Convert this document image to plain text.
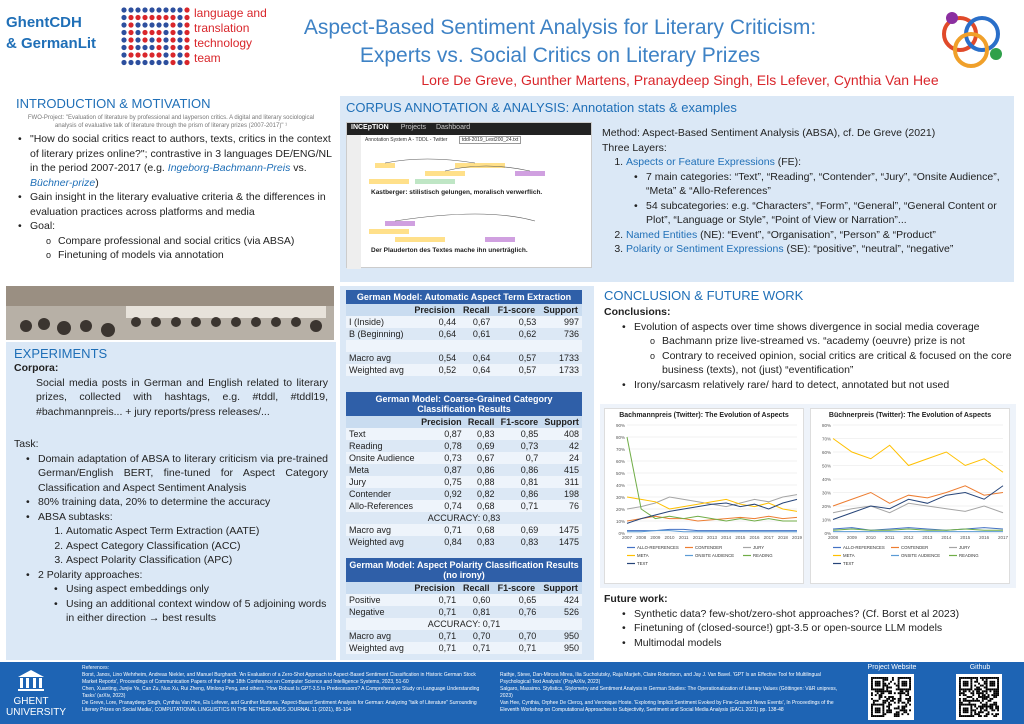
GhentCDH
& GermanLit
language and
translation
technology
team
Aspect-Based Sentiment Analysis for Literary Criticism:
Experts vs. Social Critics on Literary Prizes
Lore De Greve, Gunther Martens, Pranaydeep Singh, Els Lefever, Cynthia Van Hee
INTRODUCTION & MOTIVATION
FWO-Project: "Evaluation of literature by professional and layperson critics. A digital and literary sociological analysis of evaluative talk of literature through the prism of literary prizes (2007-2017)" ¹
• "How do social critics react to authors, texts, critics in the context of literary prizes online?"; contrastive in 3 languages DE/ENG/NL in the period 2007-2017 (e.g. Ingeborg-Bachmann-Preis vs. Büchner-prize)
• Gain insight in the literary evaluative criteria & the differences in evaluation practices across platforms and media
• Goal:
o Compare professional and social critics (via ABSA)
o Finetuning of models via annotation
EXPERIMENTS
Corpora:
Social media posts in German and English related to literary prizes, collected with hashtags, e.g. #tddl, #tddl19, #bachmannpreis... + jury reports/press releases/...
Task:
• Domain adaptation of ABSA to literary criticism via pre-trained German/English BERT, fine-tuned for Aspect Category Classification and Aspect Sentiment Analysis
• 80% training data, 20% to determine the accuracy
• ABSA subtasks:
1. Automatic Aspect Term Extraction (AATE)
2. Aspect Category Classification (ACC)
3. Aspect Polarity Classification (APC)
• 2 Polarity approaches:
• Using aspect embeddings only
• Using an additional context window of 5 adjoining words in either direction → best results
CORPUS ANNOTATION & ANALYSIS: Annotation stats & examples
INCEpTION Projects Dashboard
Annotation System A - TDDL - Twitter	tddl-2019_Lest200_24.txt
Kastberger: stilistisch gelungen, moralisch verwerflich.
Der Plauderton des Textes mache ihn unerträglich.
Method: Aspect-Based Sentiment Analysis (ABSA), cf. De Greve (2021)
Three Layers:
1. Aspects or Feature Expressions (FE):
• 7 main categories: “Text”, “Reading”, “Contender”, “Jury”, “Onsite Audience”, “Meta” & “Allo-References”
• 54 subcategories: e.g. “Characters”, “Form”, “General”, “General Content or Plot”, “Language or Style”, “Point of View or Narration”...
2. Named Entities (NE): “Event”, “Organisation”, “Person” & “Product”
3. Polarity or Sentiment Expressions (SE): “positive”, “neutral”, “negative”
German Model: Automatic Aspect Term Extraction
	Precision	Recall	F1-score	Support
I (Inside)	0,44	0,67	0,53	997
B (Beginning)	0,64	0,61	0,62	736

Macro avg	0,54	0,64	0,57	1733
Weighted avg	0,52	0,64	0,57	1733
German Model: Coarse-Grained Category Classification Results
	Precision	Recall	F1-score	Support
Text	0,87	0,83	0,85	408
Reading	0,78	0,69	0,73	42
Onsite Audience	0,73	0,67	0,7	24
Meta	0,87	0,86	0,86	415
Jury	0,75	0,88	0,81	311
Contender	0,92	0,82	0,86	198
Allo-References	0,74	0,68	0,71	76
ACCURACY: 0,83				
Macro avg	0,71	0,68	0,69	1475
Weighted avg	0,84	0,83	0,83	1475
German Model: Aspect Polarity Classification Results (no irony)
	Precision	Recall	F1-score	Support
Positive	0,71	0,60	0,65	424
Negative	0,71	0,81	0,76	526
ACCURACY: 0,71				
Macro avg	0,71	0,70	0,70	950
Weighted avg	0,71	0,71	0,71	950
CONCLUSION & FUTURE WORK
Conclusions:
• Evolution of aspects over time shows divergence in social media coverage
o Bachmann prize live-streamed vs. “academy (oeuvre) prize is not
o Contrary to received opinion, social critics are critical & focused on the core business (texts), not (just) “eventification”
• Irony/sarcasm relatively rare/ hard to detect, annotated but not used
Bachmannpreis (Twitter): The Evolution of Aspects
0%
10%
20%
30%
40%
50%
60%
70%
80%
90%
2007 2008 2009 2010 2011 2012 2013 2014 2015 2016 2017 2018 2019
ALLO-REFERENCES	CONTENDER	JURY
META	ONSITE AUDIENCE	READING
TEXT
Büchnerpreis (Twitter): The Evolution of Aspects
0%
10%
20%
30%
40%
50%
60%
70%
80%
2008 2009 2010 2011 2012 2013 2014 2015 2016 2017
ALLO-REFERENCES	CONTENDER	JURY
META	ONSITE AUDIENCE	READING
TEXT
Future work:
• Synthetic data? few-shot/zero-shot approaches? (Cf. Borst et al 2023)
• Finetuning of (closed-source!) gpt-3.5 or open-source LLM models
• Multimodal models
GHENT
UNIVERSITY
References:
Borst, Janos, Lino Wehrheim, Andreas Niekler, and Manuel Burghardt. 'An Evaluation of a Zero-Shot Approach to Aspect-Based Sentiment Classification in Historic German Stock Market Reports', Proceedings of Communication Papers of the of the 18th Conference on Computer Science and Intelligence Systems, 2023, 51-60
Chen, Xuanting, Junjie Ye, Can Zu, Nuo Xu, Rui Zheng, Minlong Peng, and others. 'How Robust Is GPT-3.5 to Predecessors? A Comprehensive Study on Language Understanding Tasks' (arXiv, 2023)
De Greve, Lore, Pranaydeep Singh, Cynthia Van Hee, Els Lefever, and Gunther Martens. 'Aspect-Based Sentiment Analysis for German: Analyzing "talk of Literature" Surrounding Literary Prizes on Social Media', COMPUTATIONAL LINGUISTICS IN THE NETHERLANDS JOURNAL 11 (2021), 85-104
Rathje, Steve, Dan-Mircea Mirea, Ilia Sucholutsky, Raja Marjieh, Claire Robertson, and Jay J. Van Bavel. 'GPT Is an Effective Tool for Multilingual Psychological Text Analysis' (PsyArXiv, 2023)
Salgaro, Massimo. Stylistics, Stylometry and Sentiment Analysis in German Studies: The Operationalization of Literary Values (Göttingen: V&R unipress, 2023)
Van Hee, Cynthia, Orphee De Clercq, and Veronique Hoste. 'Exploring Implicit Sentiment Evoked by Fine-Grained News Events', In Proceedings of the Eleventh Workshop on Computational Approaches to Subjectivity, Sentiment and Social Media Analysis (EACL 2021) pp. 138-48
Project Website	Github
